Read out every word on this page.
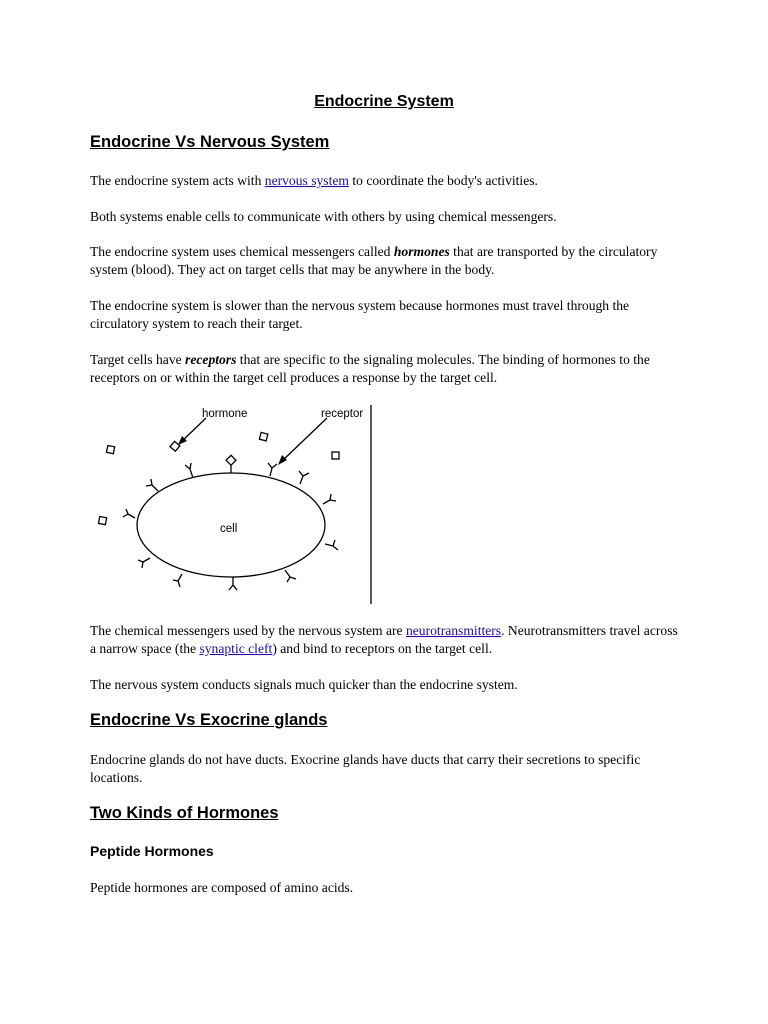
Endocrine System
Endocrine Vs Nervous System

The endocrine system acts with nervous system to coordinate the body's activities.

Both systems enable cells to communicate with others by using chemical messengers.

The endocrine system uses chemical messengers called hormones that are transported by the circulatory system (blood). They act on target cells that may be anywhere in the body.

The endocrine system is slower than the nervous system because hormones must travel through the circulatory system to reach their target.

Target cells have receptors that are specific to the signaling molecules. The binding of hormones to the receptors on or within the target cell produces a response by the target cell.

hormone	receptor
cell

The chemical messengers used by the nervous system are neurotransmitters. Neurotransmitters travel across a narrow space (the synaptic cleft) and bind to receptors on the target cell.

The nervous system conducts signals much quicker than the endocrine system.

Endocrine Vs Exocrine glands

Endocrine glands do not have ducts. Exocrine glands have ducts that carry their secretions to specific locations.

Two Kinds of Hormones
Peptide Hormones

Peptide hormones are composed of amino acids.
